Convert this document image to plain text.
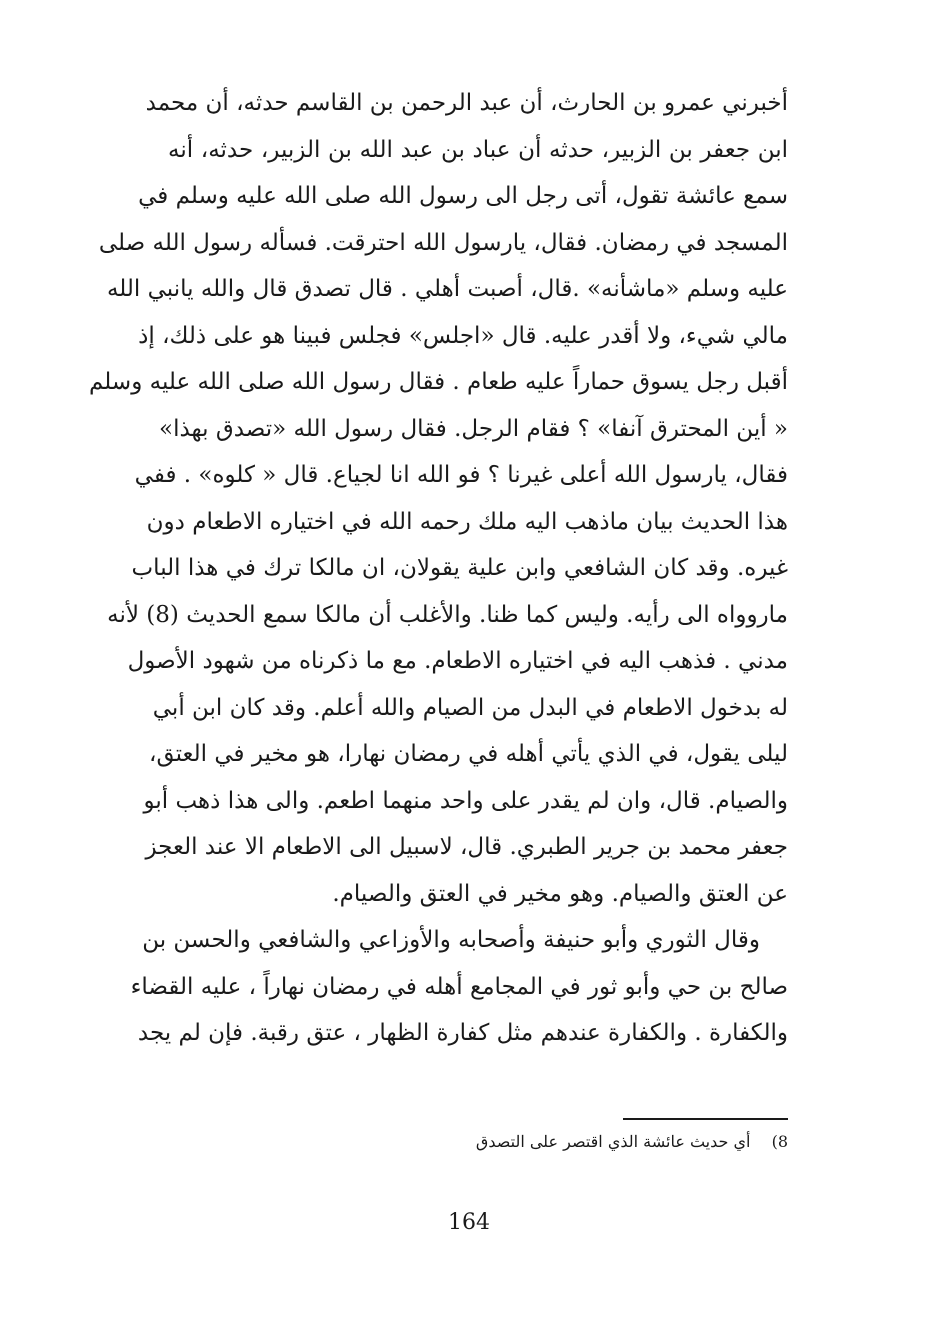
أخبرني عمرو بن الحارث، أن عبد الرحمن بن القاسم حدثه، أن محمد
ابن جعفر بن الزبير، حدثه أن عباد بن عبد الله بن الزبير، حدثه، أنه
سمع عائشة تقول، أتى رجل الى رسول الله صلى الله عليه وسلم في
المسجد في رمضان. فقال، يارسول الله احترقت. فسأله رسول الله صلى
عليه وسلم «ماشأنه» .قال، أصبت أهلي . قال تصدق قال والله يانبي الله
مالي شيء، ولا أقدر عليه. قال «اجلس» فجلس فبينا هو على ذلك، إذ
أقبل رجل يسوق حماراً عليه طعام . فقال رسول الله صلى الله عليه وسلم
« أين المحترق آنفا» ؟ فقام الرجل. فقال رسول الله «تصدق بهذا»
فقال، يارسول الله أعلى غيرنا ؟ فو الله انا لجياع. قال « كلوه» . ففي
هذا الحديث بيان ماذهب اليه ملك رحمه الله في اختياره الاطعام دون
غيره. وقد كان الشافعي وابن علية يقولان، ان مالكا ترك في هذا الباب
ماروواه الى رأيه. وليس كما ظنا. والأغلب أن مالكا سمع الحديث (8) لأنه
مدني . فذهب اليه في اختياره الاطعام. مع ما ذكرناه من شهود الأصول
له بدخول الاطعام في البدل من الصيام والله أعلم. وقد كان ابن أبي
ليلى يقول، في الذي يأتي أهله في رمضان نهارا، هو مخير في العتق،
والصيام. قال، وان لم يقدر على واحد منهما اطعم. والى هذا ذهب أبو
جعفر محمد بن جرير الطبري. قال، لاسبيل الى الاطعام الا عند العجز
عن العتق والصيام. وهو مخير في العتق والصيام.
وقال الثوري وأبو حنيفة وأصحابه والأوزاعي والشافعي والحسن بن
صالح بن حي وأبو ثور في المجامع أهله في رمضان نهاراً ، عليه القضاء
والكفارة . والكفارة عندهم مثل كفارة الظهار ، عتق رقبة. فإن لم يجد
8) أي حديث عائشة الذي اقتصر على التصدق
164
